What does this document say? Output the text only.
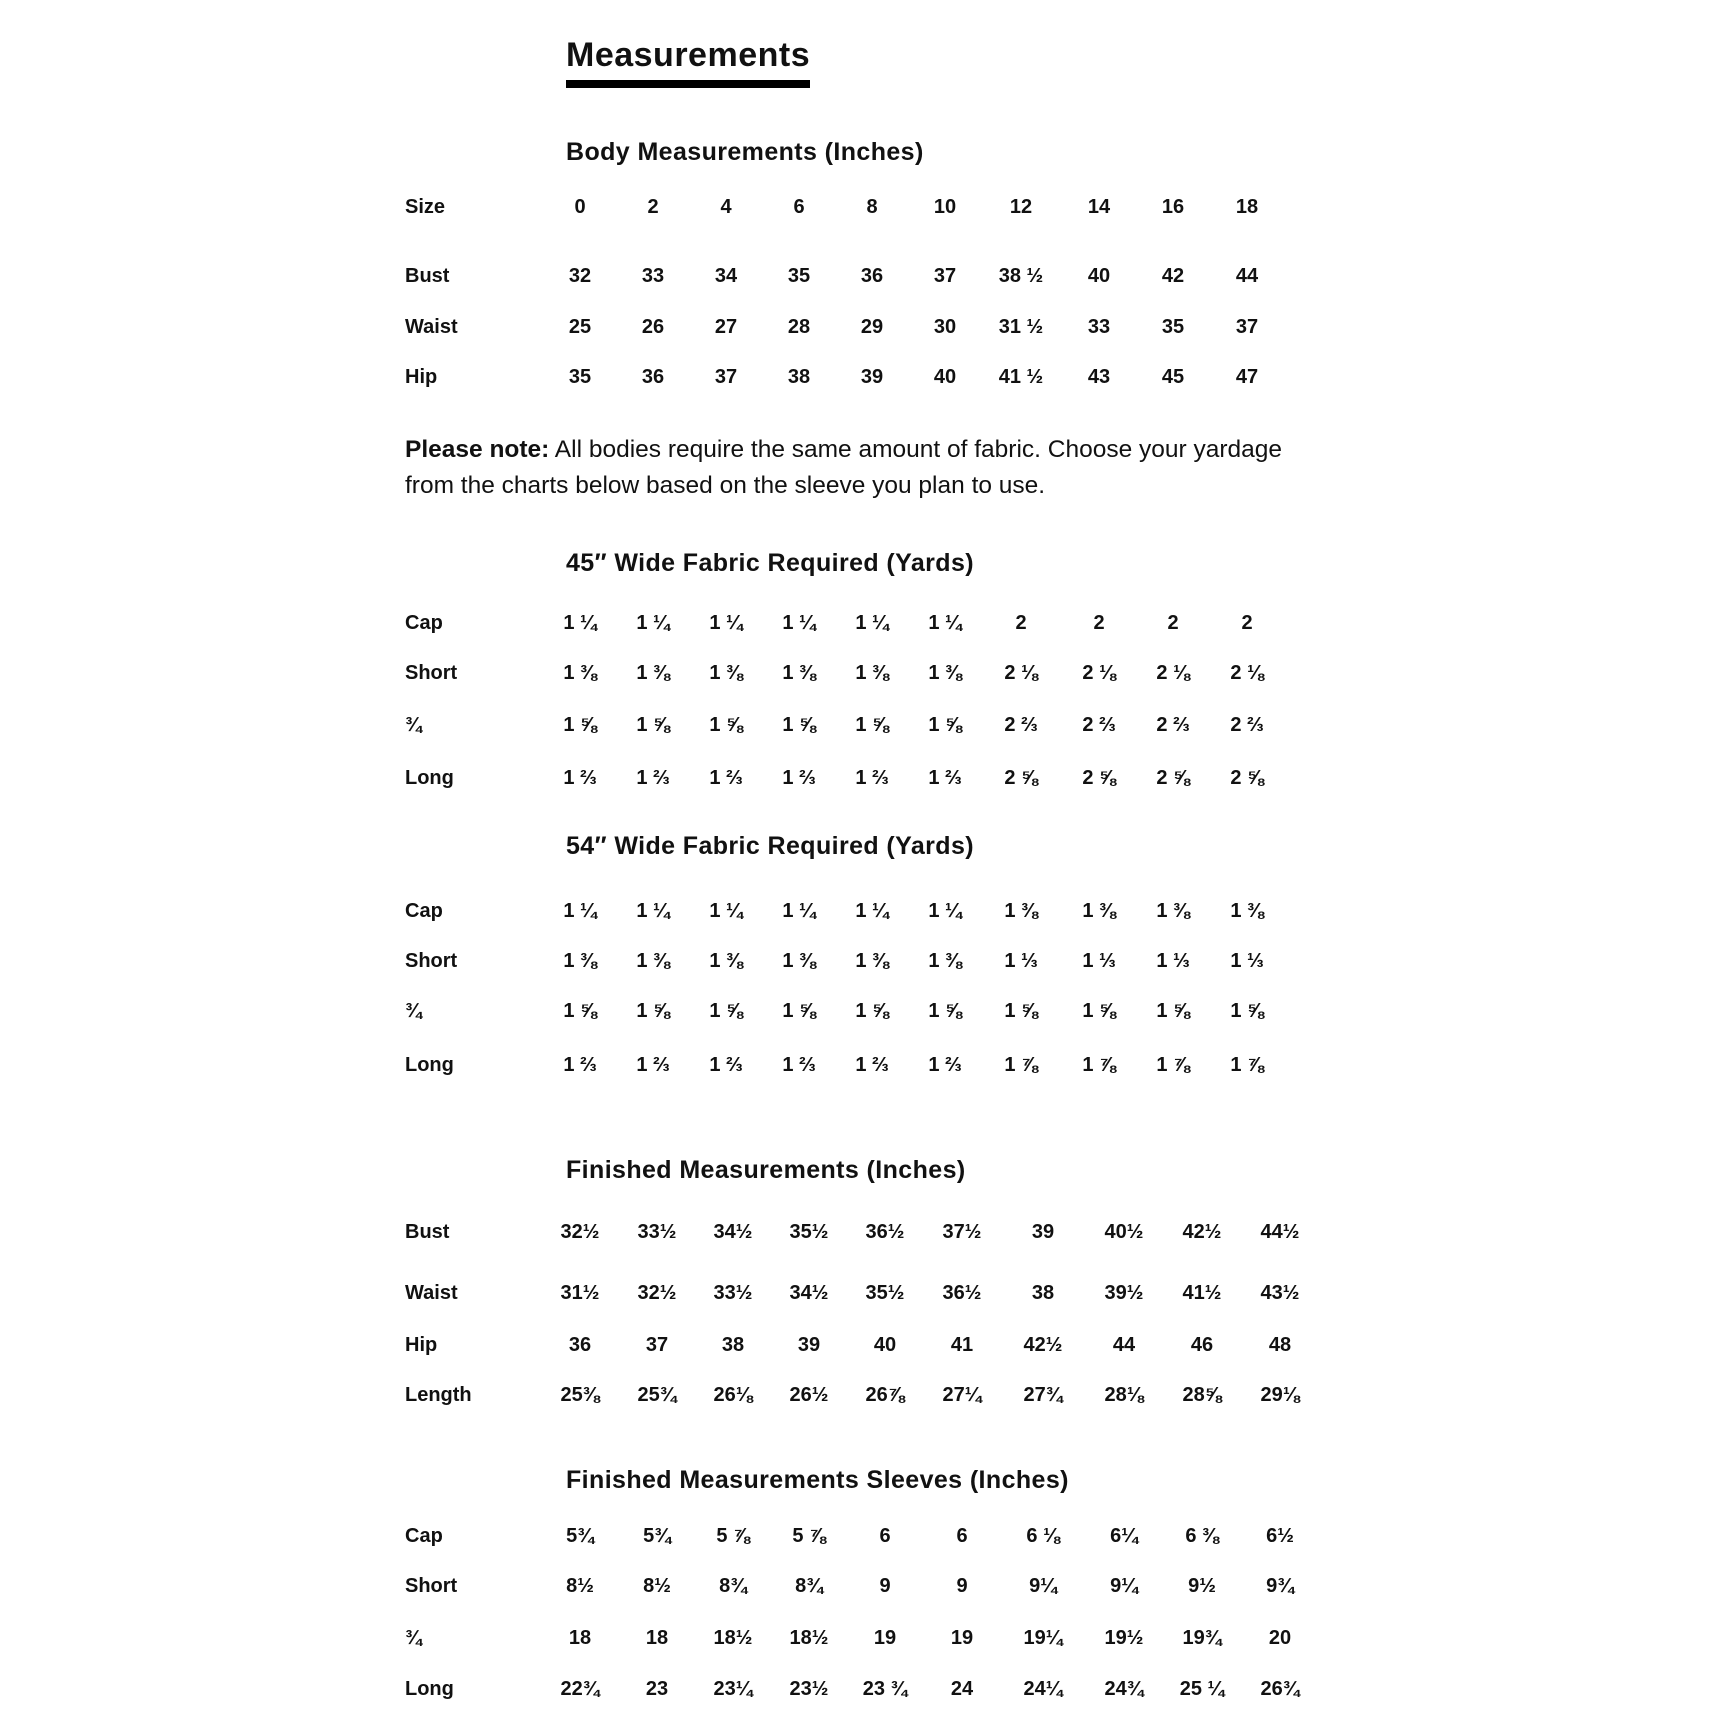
Measurements
Body Measurements (Inches)
Size	0	2	4	6	8	10	12	14	16	18
Bust	32	33	34	35	36	37	38 ½	40	42	44
Waist	25	26	27	28	29	30	31 ½	33	35	37
Hip	35	36	37	38	39	40	41 ½	43	45	47

Please note: All bodies require the same amount of fabric. Choose your yardage from the charts below based on the sleeve you plan to use.

45″ Wide Fabric Required (Yards)
Cap	1 ¼	1 ¼	1 ¼	1 ¼	1 ¼	1 ¼	2	2	2	2
Short	1 ⅜	1 ⅜	1 ⅜	1 ⅜	1 ⅜	1 ⅜	2 ⅛	2 ⅛	2 ⅛	2 ⅛
¾	1 ⅝	1 ⅝	1 ⅝	1 ⅝	1 ⅝	1 ⅝	2 ⅔	2 ⅔	2 ⅔	2 ⅔
Long	1 ⅔	1 ⅔	1 ⅔	1 ⅔	1 ⅔	1 ⅔	2 ⅝	2 ⅝	2 ⅝	2 ⅝
54″ Wide Fabric Required (Yards)
Cap	1 ¼	1 ¼	1 ¼	1 ¼	1 ¼	1 ¼	1 ⅜	1 ⅜	1 ⅜	1 ⅜
Short	1 ⅜	1 ⅜	1 ⅜	1 ⅜	1 ⅜	1 ⅜	1 ⅓	1 ⅓	1 ⅓	1 ⅓
¾	1 ⅝	1 ⅝	1 ⅝	1 ⅝	1 ⅝	1 ⅝	1 ⅝	1 ⅝	1 ⅝	1 ⅝
Long	1 ⅔	1 ⅔	1 ⅔	1 ⅔	1 ⅔	1 ⅔	1 ⅞	1 ⅞	1 ⅞	1 ⅞
Finished Measurements (Inches)
Bust	32½	33½	34½	35½	36½	37½	39	40½	42½	44½
Waist	31½	32½	33½	34½	35½	36½	38	39½	41½	43½
Hip	36	37	38	39	40	41	42½	44	46	48
Length	25⅜	25¾	26⅛	26½	26⅞	27¼	27¾	28⅛	28⅝	29⅛
Finished Measurements Sleeves (Inches)
Cap	5¾	5¾	5 ⅞	5 ⅞	6	6	6 ⅛	6¼	6 ⅜	6½
Short	8½	8½	8¾	8¾	9	9	9¼	9¼	9½	9¾
¾	18	18	18½	18½	19	19	19¼	19½	19¾	20
Long	22¾	23	23¼	23½	23 ¾	24	24¼	24¾	25 ¼	26¾
